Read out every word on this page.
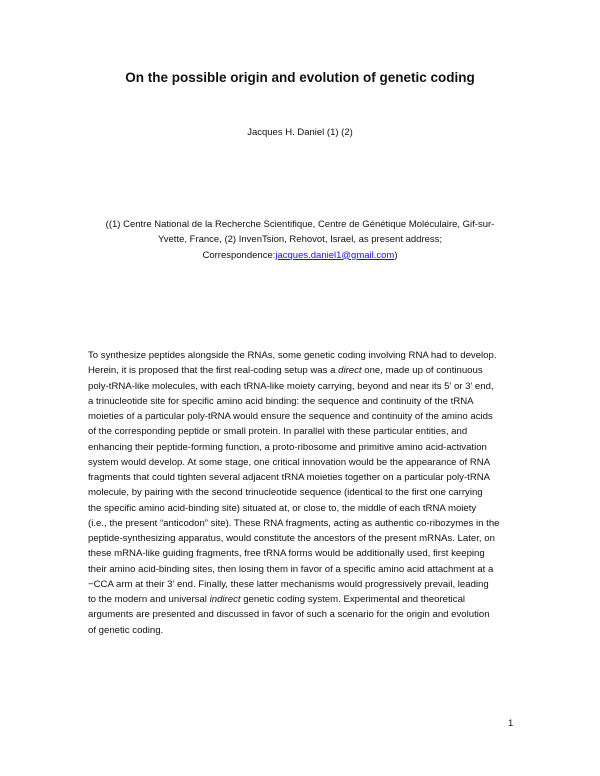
On the possible origin and evolution of genetic coding
Jacques H. Daniel (1) (2)
((1) Centre National de la Recherche Scientifique, Centre de Génétique Moléculaire, Gif-sur-
Yvette, France, (2) InvenTsion, Rehovot, Israel, as present address;
Correspondence:jacques.daniel1@gmail.com)
To synthesize peptides alongside the RNAs, some genetic coding involving RNA had to develop.
Herein, it is proposed that the first real-coding setup was a direct one, made up of continuous
poly-tRNA-like molecules, with each tRNA-like moiety carrying, beyond and near its 5’ or 3’ end,
a trinucleotide site for specific amino acid binding: the sequence and continuity of the tRNA
moieties of a particular poly-tRNA would ensure the sequence and continuity of the amino acids
of the corresponding peptide or small protein. In parallel with these particular entities, and
enhancing their peptide-forming function, a proto-ribosome and primitive amino acid-activation
system would develop. At some stage, one critical innovation would be the appearance of RNA
fragments that could tighten several adjacent tRNA moieties together on a particular poly-tRNA
molecule, by pairing with the second trinucleotide sequence (identical to the first one carrying
the specific amino acid-binding site) situated at, or close to, the middle of each tRNA moiety
(i.e., the present “anticodon” site). These RNA fragments, acting as authentic co-ribozymes in the
peptide-synthesizing apparatus, would constitute the ancestors of the present mRNAs. Later, on
these mRNA-like guiding fragments, free tRNA forms would be additionally used, first keeping
their amino acid-binding sites, then losing them in favor of a specific amino acid attachment at a
−CCA arm at their 3’ end. Finally, these latter mechanisms would progressively prevail, leading
to the modern and universal indirect genetic coding system. Experimental and theoretical
arguments are presented and discussed in favor of such a scenario for the origin and evolution
of genetic coding.
1
